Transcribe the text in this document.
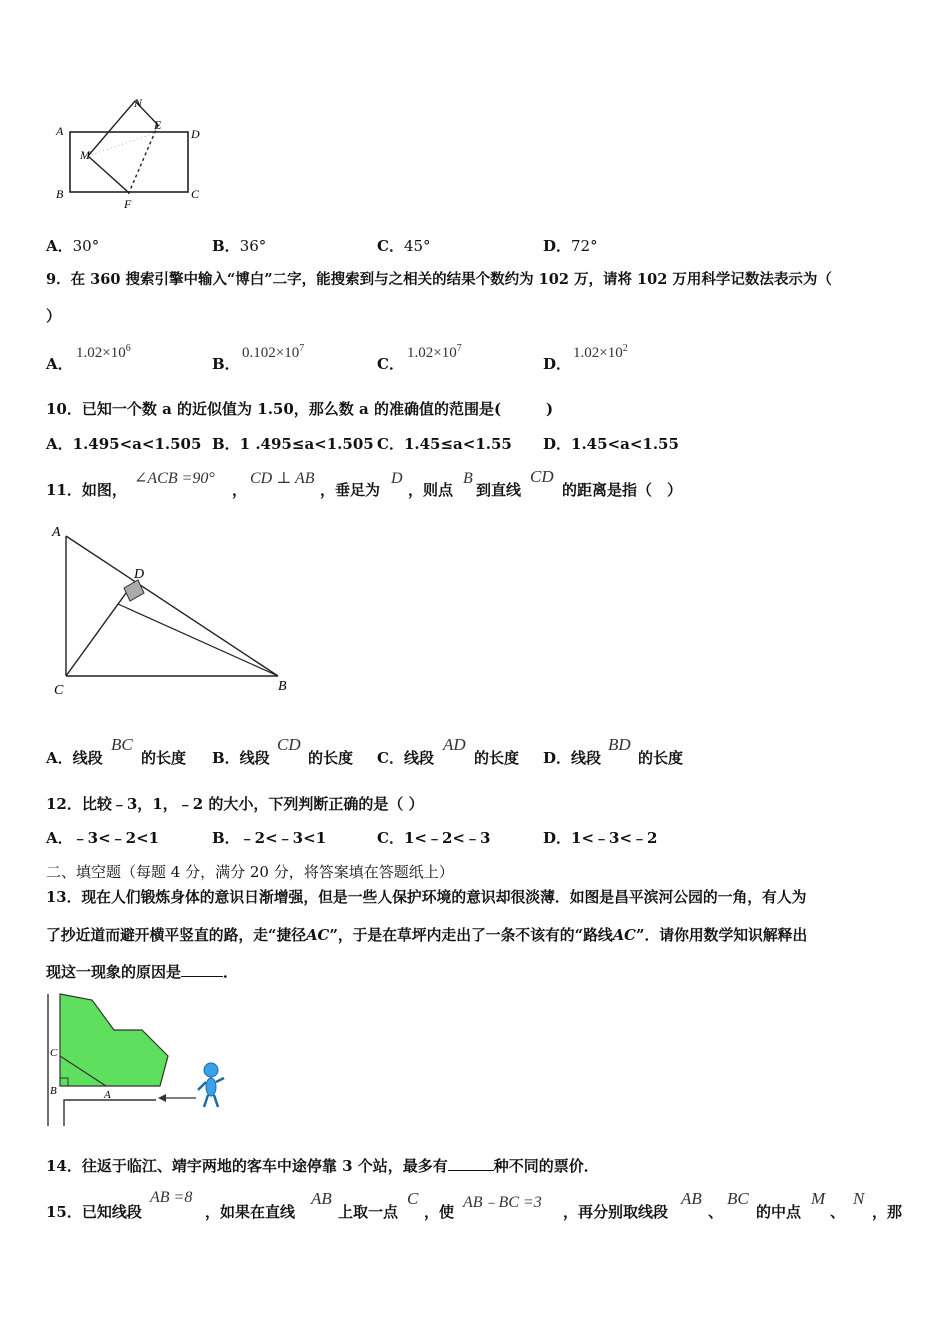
A
N
E
D
M
B
F
C
A．30°	B．36°	C．45°	D．72°
9．在 360 搜索引擎中输入“博白”二字，能搜索到与之相关的结果个数约为 102 万，请将 102 万用科学记数法表示为（
）
A．
$1.02\times 10^6$
B．
$0.102\times 10^7$
C．
$1.02\times 10^7$
D．
$1.02\times 10^2$
10．已知一个数 a 的近似值为 1.50，那么数 a 的准确值的范围是(　　　)
A．1.495<a<1.505 B．1 .495≤a<1.505 C．1.45≤a<1.55 D．1.45<a<1.55
11．如图，
∠ACB =90°
，
CD ⊥ AB
，垂足为
D
，则点
B
到直线
CD
的距离是指（　）
A
D
C	B
A．线段
BC
的长度 B．线段
CD
的长度 C．线段
AD
的长度 D．线段
BD
的长度
12．比较﹣3，1，﹣2 的大小，下列判断正确的是（ ）
A．﹣3<﹣2<1	B．﹣2<﹣3<1	C．1<﹣2<﹣3	D．1<﹣3<﹣2
二、填空题（每题 4 分，满分 20 分，将答案填在答题纸上）
13．现在人们锻炼身体的意识日渐增强，但是一些人保护环境的意识却很淡薄．如图是昌平滨河公园的一角，有人为
了抄近道而避开横平竖直的路，走“捷径AC”，于是在草坪内走出了一条不该有的“路线AC”．请你用数学知识解释出
现这一现象的原因是	．
C
B	A
14．往返于临江、靖宇两地的客车中途停靠 3 个站，最多有	种不同的票价．
15．已知线段
AB =8
，如果在直线
AB
上取一点
C
，使
AB﹣BC =3
，再分别取线段
AB
、
BC
的中点
M
、
N
，那
